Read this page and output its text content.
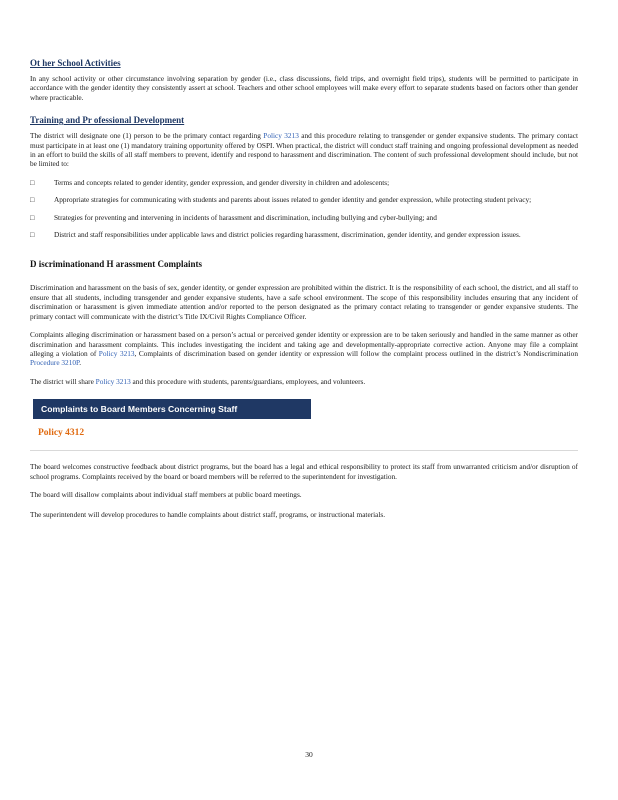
Ot her School Activities

In any school activity or other circumstance involving separation by gender (i.e., class discussions, field trips, and overnight field trips), students will be permitted to participate in accordance with the gender identity they consistently assert at school. Teachers and other school employees will make every effort to separate students based on factors other than gender where practicable.

Training and Pr ofessional Development

The district will designate one (1) person to be the primary contact regarding Policy 3213 and this procedure relating to transgender or gender expansive students. The primary contact must participate in at least one (1) mandatory training opportunity offered by OSPI. When practical, the district will conduct staff training and ongoing professional development as needed in an effort to build the skills of all staff members to prevent, identify and respond to harassment and discrimination. The content of such professional development should include, but not be limited to:

□	Terms and concepts related to gender identity, gender expression, and gender diversity in children and adolescents;
□	Appropriate strategies for communicating with students and parents about issues related to gender identity and gender expression, while protecting student privacy;
□	Strategies for preventing and intervening in incidents of harassment and discrimination, including bullying and cyber-bullying; and
□	District and staff responsibilities under applicable laws and district policies regarding harassment, discrimination, gender identity, and gender expression issues.
D iscriminationand H arassment Complaints

Discrimination and harassment on the basis of sex, gender identity, or gender expression are prohibited within the district. It is the responsibility of each school, the district, and all staff to ensure that all students, including transgender and gender expansive students, have a safe school environment. The scope of this responsibility includes ensuring that any incident of discrimination or harassment is given immediate attention and/or reported to the person designated as the primary contact relating to transgender or gender expansive students. The primary contact will communicate with the district’s Title IX/Civil Rights Compliance Officer.

Complaints alleging discrimination or harassment based on a person’s actual or perceived gender identity or expression are to be taken seriously and handled in the same manner as other discrimination and harassment complaints. This includes investigating the incident and taking age and developmentally-appropriate corrective action. Anyone may file a complaint alleging a violation of Policy 3213, Complaints of discrimination based on gender identity or expression will follow the complaint process outlined in the district’s Nondiscrimination Procedure 3210P.

The district will share Policy 3213 and this procedure with students, parents/guardians, employees, and volunteers.

Complaints to Board Members Concerning Staff
Policy 4312

The board welcomes constructive feedback about district programs, but the board has a legal and ethical responsibility to protect its staff from unwarranted criticism and/or disruption of school programs. Complaints received by the board or board members will be referred to the superintendent for investigation.

The board will disallow complaints about individual staff members at public board meetings.

The superintendent will develop procedures to handle complaints about district staff, programs, or instructional materials.

30
